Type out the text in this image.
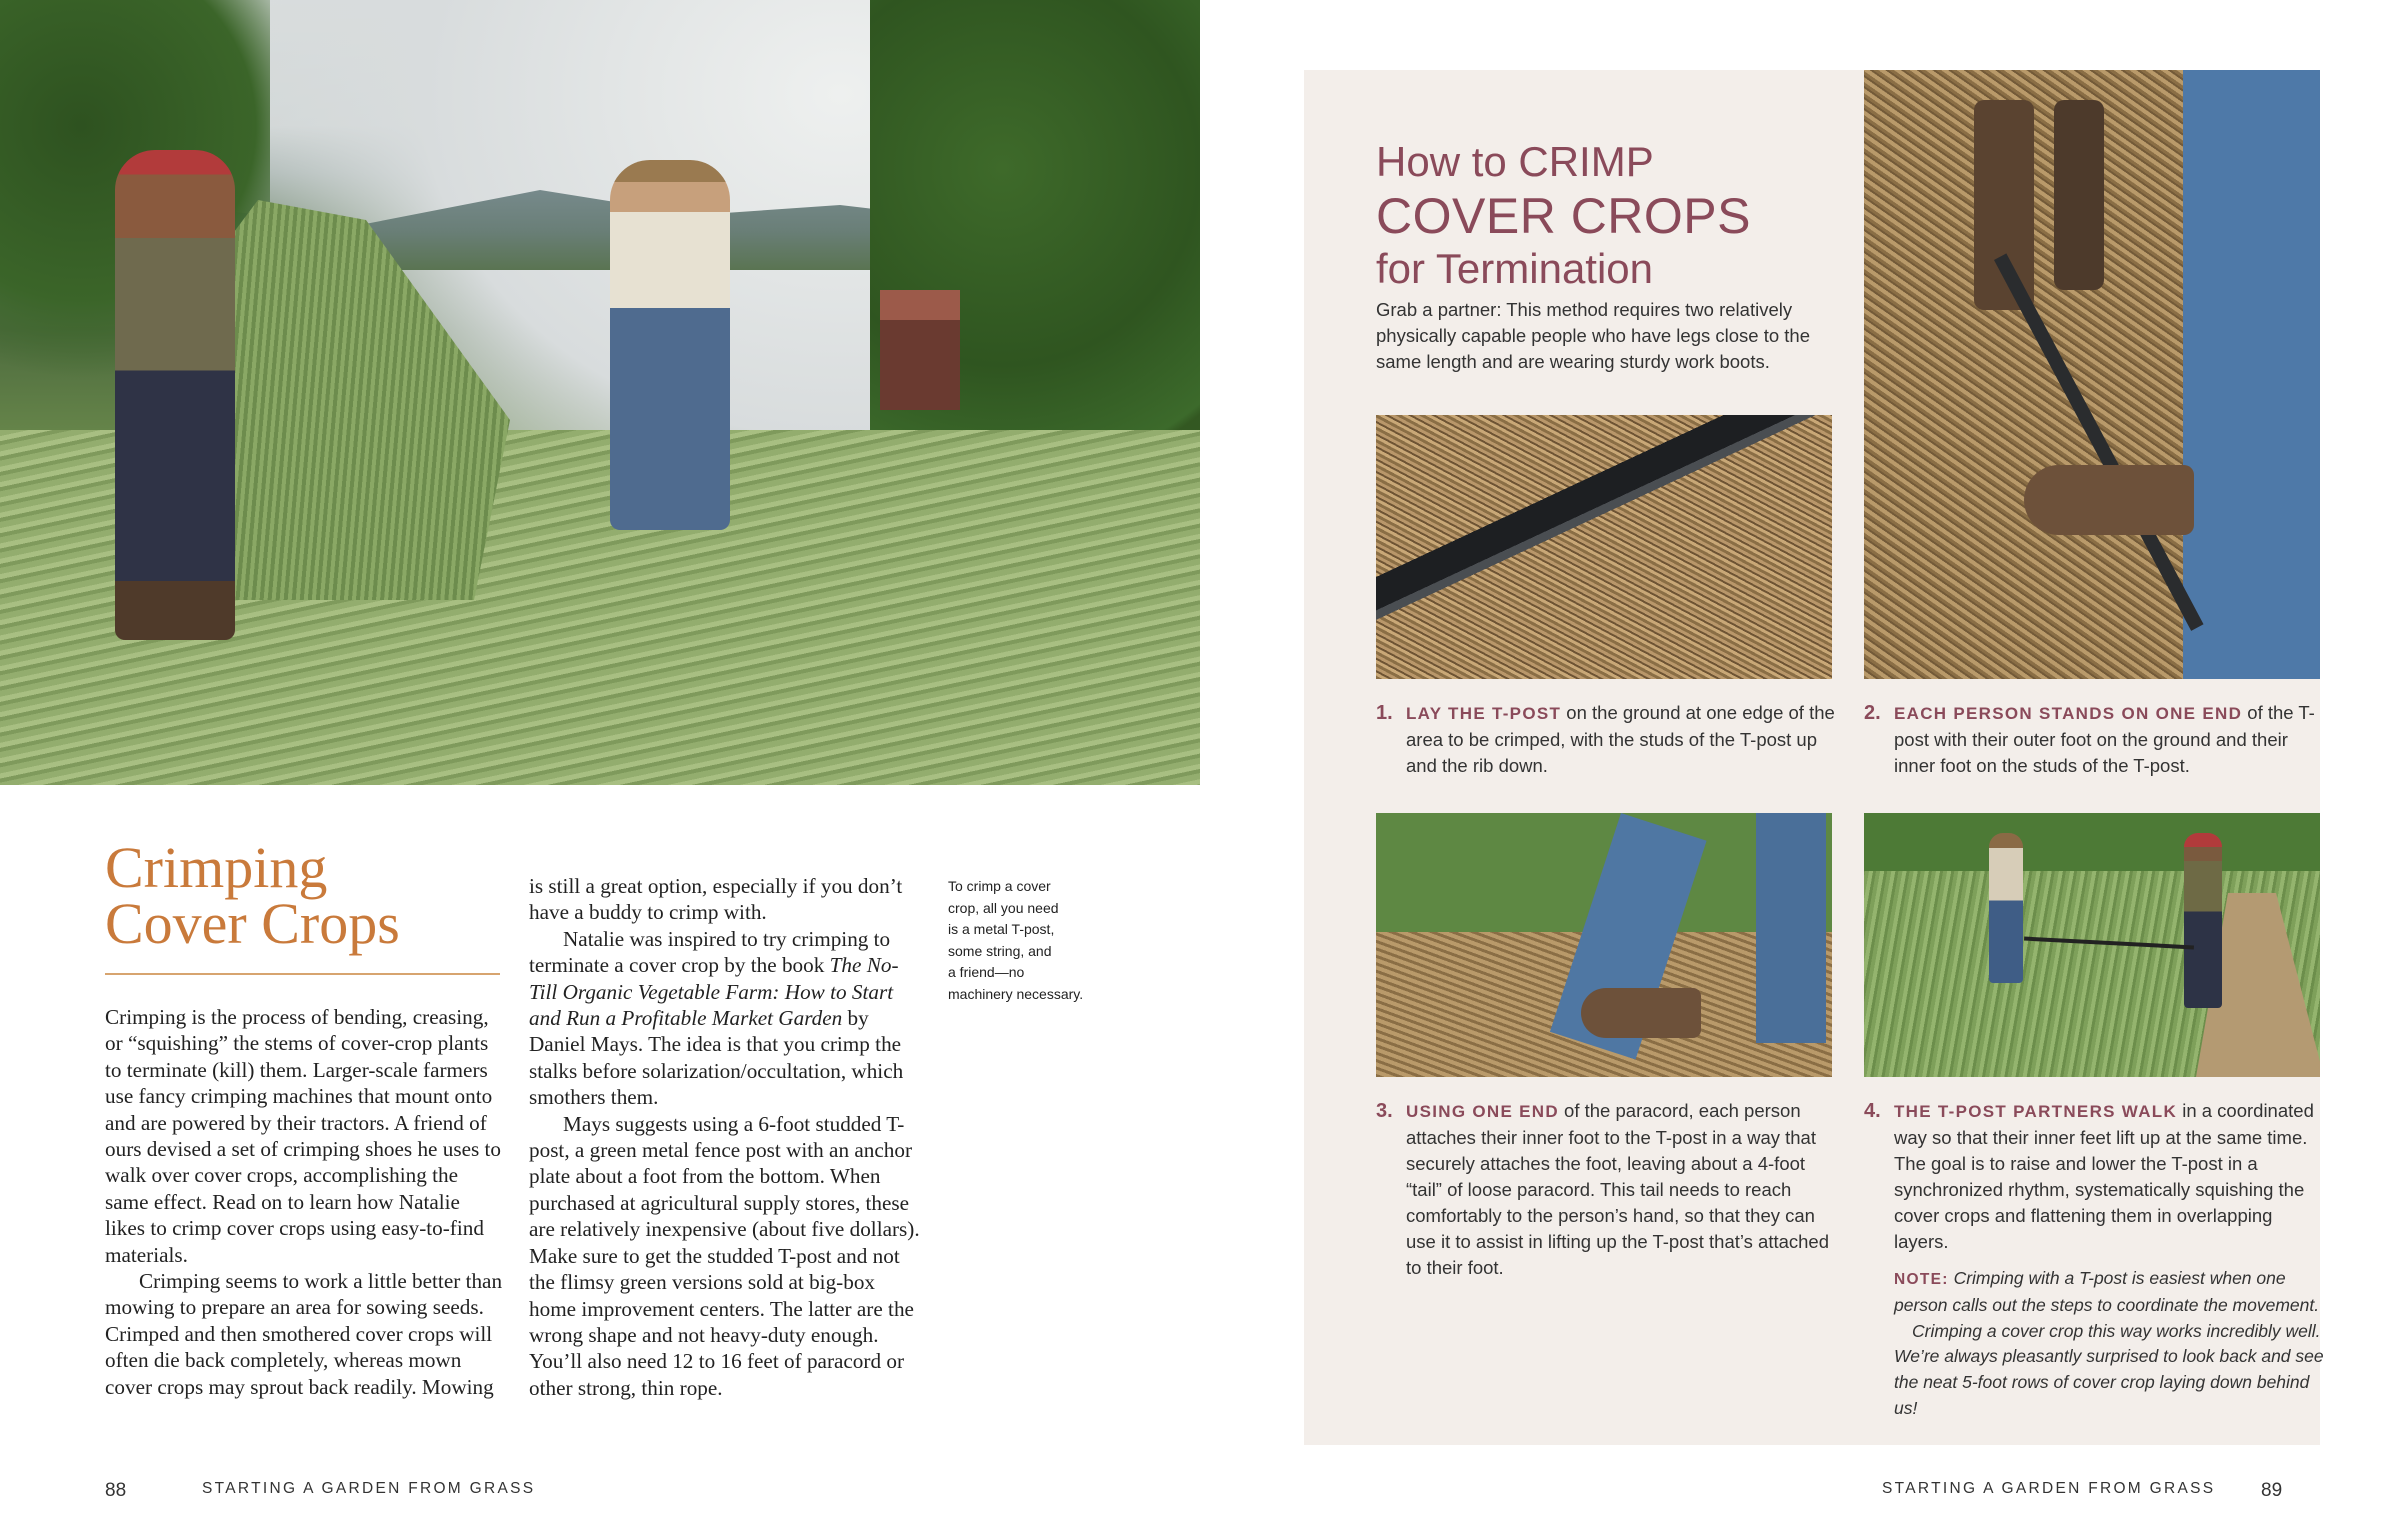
Crimping
Cover Crops

Crimping is the process of bending, creasing, or “squishing” the stems of cover-crop plants to terminate (kill) them. Larger-scale farmers use fancy crimping machines that mount onto and are powered by their tractors. A friend of ours devised a set of crimping shoes he uses to walk over cover crops, accomplishing the same effect. Read on to learn how Natalie likes to crimp cover crops using easy-to-find materials.

Crimping seems to work a little better than mowing to prepare an area for sowing seeds. Crimped and then smothered cover crops will often die back completely, whereas mown cover crops may sprout back readily. Mowing

is still a great option, especially if you don’t have a buddy to crimp with.

Natalie was inspired to try crimping to terminate a cover crop by the book The No-Till Organic Vegetable Farm: How to Start and Run a Profitable Market Garden by Daniel Mays. The idea is that you crimp the stalks before solarization/occultation, which smothers them.

Mays suggests using a 6-foot studded T-post, a green metal fence post with an anchor plate about a foot from the bottom. When purchased at agricultural supply stores, these are relatively inexpensive (about five dollars). Make sure to get the studded T-post and not the flimsy green versions sold at big-box home improvement centers. The latter are the wrong shape and not heavy-duty enough. You’ll also need 12 to 16 feet of paracord or other strong, thin rope.

To crimp a cover
crop, all you need
is a metal T-post,
some string, and
a friend—no
machinery necessary.
88	STARTING A GARDEN FROM GRASS
How to CRIMP
COVER CROPS
for Termination
Grab a partner: This method requires two relatively physically capable people who have legs close to the same length and are wearing sturdy work boots.
1. LAY THE T-POST on the ground at one edge of the area to be crimped, with the studs of the T-post up and the rib down.
2. EACH PERSON STANDS ON ONE END of the T-post with their outer foot on the ground and their inner foot on the studs of the T-post.
3. USING ONE END of the paracord, each person attaches their inner foot to the T-post in a way that securely attaches the foot, leaving about a 4-foot “tail” of loose paracord. This tail needs to reach comfortably to the person’s hand, so that they can use it to assist in lifting up the T-post that’s attached to their foot.
4. THE T-POST PARTNERS WALK in a coordinated way so that their inner feet lift up at the same time. The goal is to raise and lower the T-post in a synchronized rhythm, systematically squishing the cover crops and flattening them in overlapping layers.
NOTE: Crimping with a T-post is easiest when one person calls out the steps to coordinate the movement.
Crimping a cover crop this way works incredibly well. We’re always pleasantly surprised to look back and see the neat 5-foot rows of cover crop laying down behind us!
STARTING A GARDEN FROM GRASS 89
